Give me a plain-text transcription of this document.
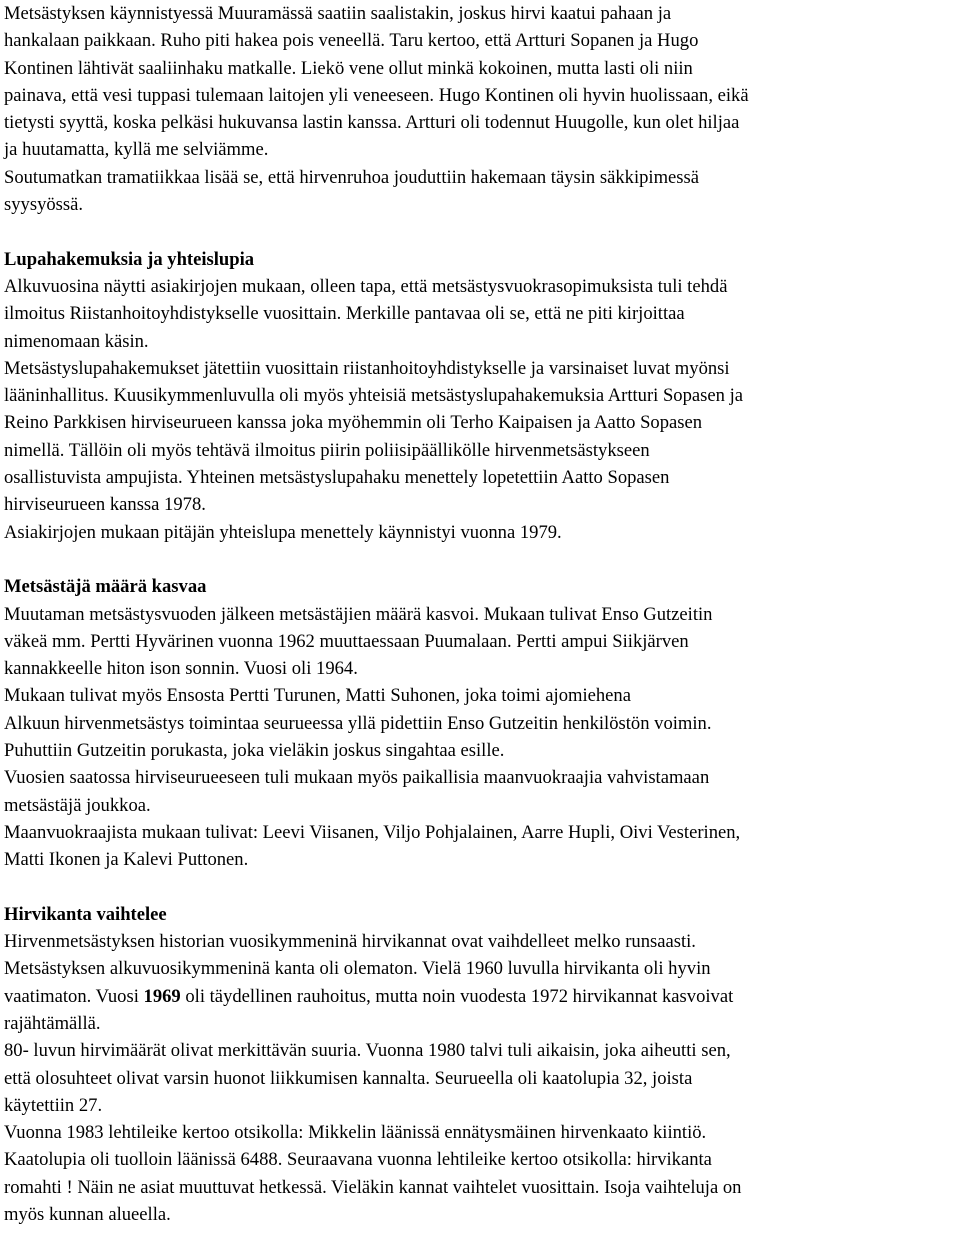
Metsästyksen käynnistyessä Muuramässä saatiin saalistakin, joskus hirvi kaatui pahaan ja
hankalaan paikkaan. Ruho piti hakea pois veneellä. Taru kertoo, että Artturi Sopanen ja Hugo
Kontinen lähtivät saaliinhaku matkalle. Liekö vene ollut minkä kokoinen, mutta lasti oli niin
painava, että vesi tuppasi tulemaan laitojen yli veneeseen. Hugo Kontinen oli hyvin huolissaan, eikä
tietysti syyttä, koska pelkäsi hukuvansa lastin kanssa. Artturi oli todennut Huugolle, kun olet hiljaa
ja huutamatta, kyllä me selviämme.

Soutumatkan tramatiikkaa lisää se, että hirvenruhoa jouduttiin hakemaan täysin säkkipimessä
syysyössä.

Lupahakemuksia ja yhteislupia

Alkuvuosina näytti asiakirjojen mukaan, olleen tapa, että metsästysvuokrasopimuksista tuli tehdä
ilmoitus Riistanhoitoyhdistykselle vuosittain. Merkille pantavaa oli se, että ne piti kirjoittaa
nimenomaan käsin.

Metsästyslupahakemukset jätettiin vuosittain riistanhoitoyhdistykselle ja varsinaiset luvat myönsi
lääninhallitus. Kuusikymmenluvulla oli myös yhteisiä metsästyslupahakemuksia Artturi Sopasen ja
Reino Parkkisen hirviseurueen kanssa joka myöhemmin oli Terho Kaipaisen ja Aatto Sopasen
nimellä. Tällöin oli myös tehtävä ilmoitus piirin poliisipäällikölle hirvenmetsästykseen
osallistuvista ampujista. Yhteinen metsästyslupahaku menettely lopetettiin Aatto Sopasen
hirviseurueen kanssa 1978.

Asiakirjojen mukaan pitäjän yhteislupa menettely käynnistyi vuonna 1979.

Metsästäjä määrä kasvaa

Muutaman metsästysvuoden jälkeen metsästäjien määrä kasvoi. Mukaan tulivat Enso Gutzeitin
väkeä mm. Pertti Hyvärinen vuonna 1962 muuttaessaan Puumalaan. Pertti ampui Siikjärven
kannakkeelle hiton ison sonnin. Vuosi oli 1964.

Mukaan tulivat myös Ensosta Pertti Turunen, Matti Suhonen, joka toimi ajomiehena

Alkuun hirvenmetsästys toimintaa seurueessa yllä pidettiin Enso Gutzeitin henkilöstön voimin.

Puhuttiin Gutzeitin porukasta, joka vieläkin joskus singahtaa esille.

Vuosien saatossa hirviseurueeseen tuli mukaan myös paikallisia maanvuokraajia vahvistamaan
metsästäjä joukkoa.

Maanvuokraajista mukaan tulivat: Leevi Viisanen, Viljo Pohjalainen, Aarre Hupli, Oivi Vesterinen,
Matti Ikonen ja Kalevi Puttonen.

Hirvikanta vaihtelee

Hirvenmetsästyksen historian vuosikymmeninä hirvikannat ovat vaihdelleet melko runsaasti.

Metsästyksen alkuvuosikymmeninä kanta oli olematon. Vielä 1960 luvulla hirvikanta oli hyvin
vaatimaton. Vuosi 1969 oli täydellinen rauhoitus, mutta noin vuodesta 1972 hirvikannat kasvoivat
rajähtämällä.

80- luvun hirvimäärät olivat merkittävän suuria. Vuonna 1980 talvi tuli aikaisin, joka aiheutti sen,
että olosuhteet olivat varsin huonot liikkumisen kannalta. Seurueella oli kaatolupia 32, joista
käytettiin 27.

Vuonna 1983 lehtileike kertoo otsikolla: Mikkelin läänissä ennätysmäinen hirvenkaato kiintiö.
Kaatolupia oli tuolloin läänissä 6488. Seuraavana vuonna lehtileike kertoo otsikolla: hirvikanta
romahti ! Näin ne asiat muuttuvat hetkessä. Vieläkin kannat vaihtelet vuosittain. Isoja vaihteluja on
myös kunnan alueella.
